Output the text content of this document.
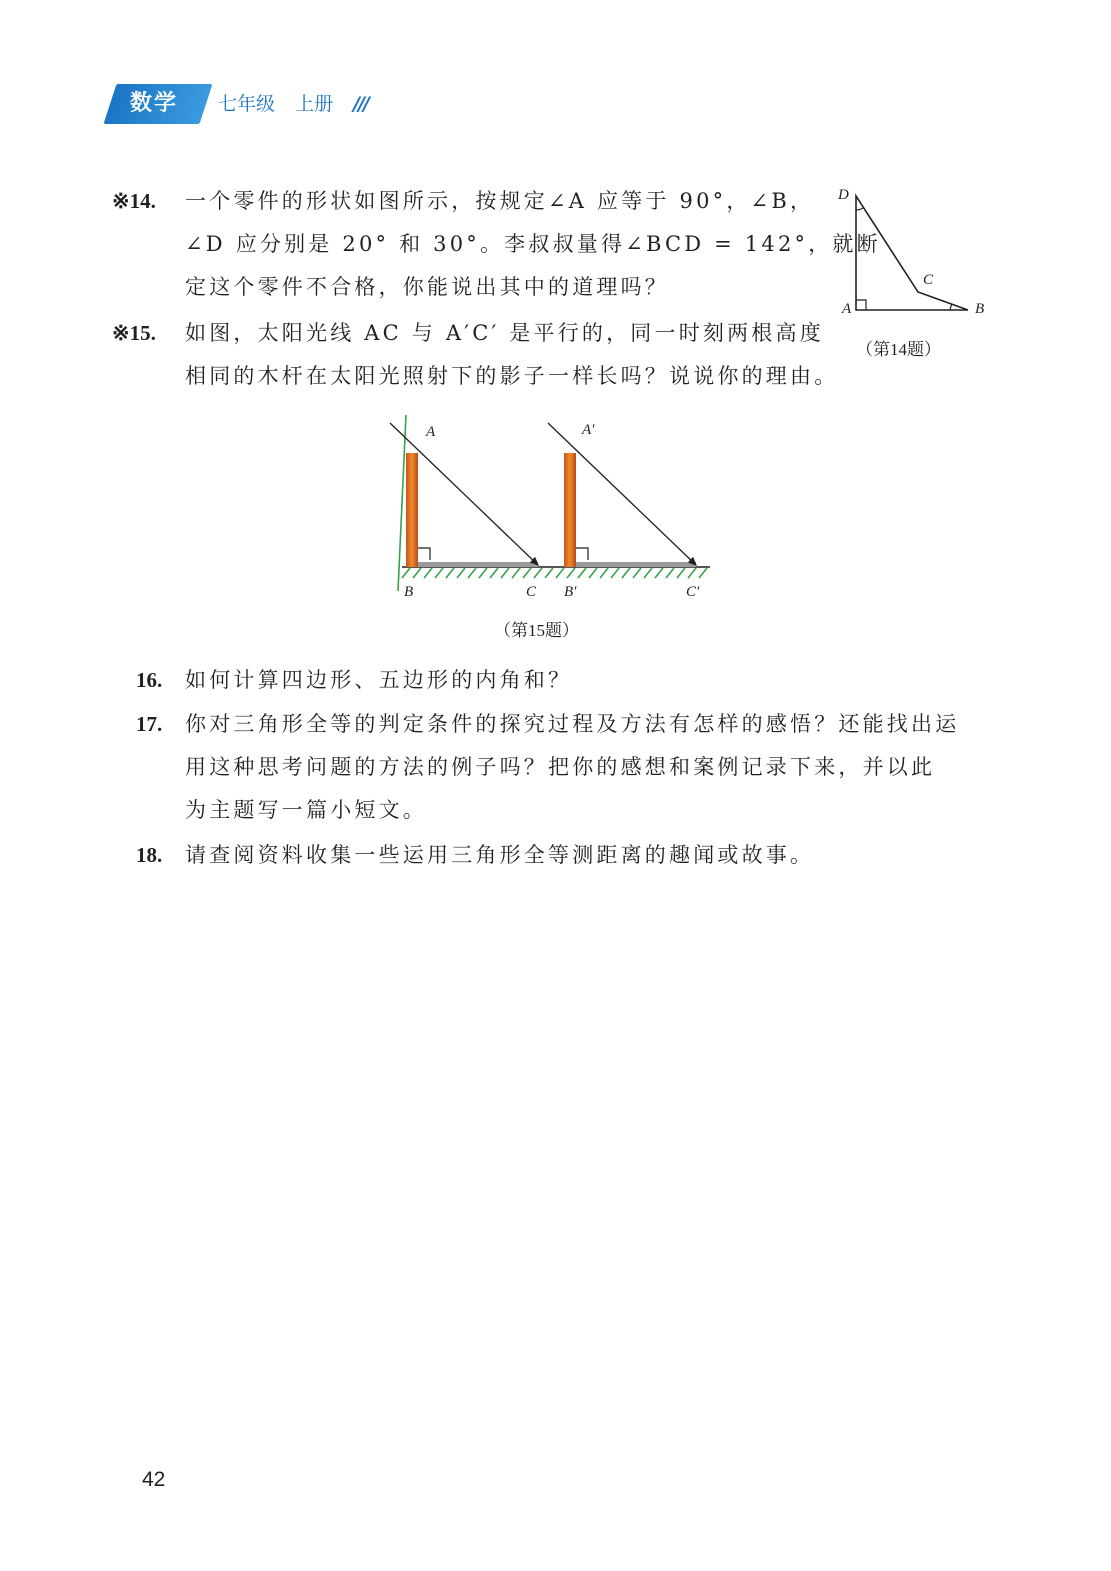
数学	七年级 上册 ///
※14. 一个零件的形状如图所示，按规定∠A 应等于 90°，∠B，
∠D 应分别是 20° 和 30°。李叔叔量得∠BCD = 142°，就断
定这个零件不合格，你能说出其中的道理吗？
D
A	B
C
（第14题）
※15. 如图，太阳光线 AC 与 A′C′ 是平行的，同一时刻两根高度
相同的木杆在太阳光照射下的影子一样长吗？说说你的理由。
A	A′
B	C B′	C′
（第15题）
16. 如何计算四边形、五边形的内角和？
17. 你对三角形全等的判定条件的探究过程及方法有怎样的感悟？还能找出运
用这种思考问题的方法的例子吗？把你的感想和案例记录下来，并以此
为主题写一篇小短文。
18. 请查阅资料收集一些运用三角形全等测距离的趣闻或故事。
42
